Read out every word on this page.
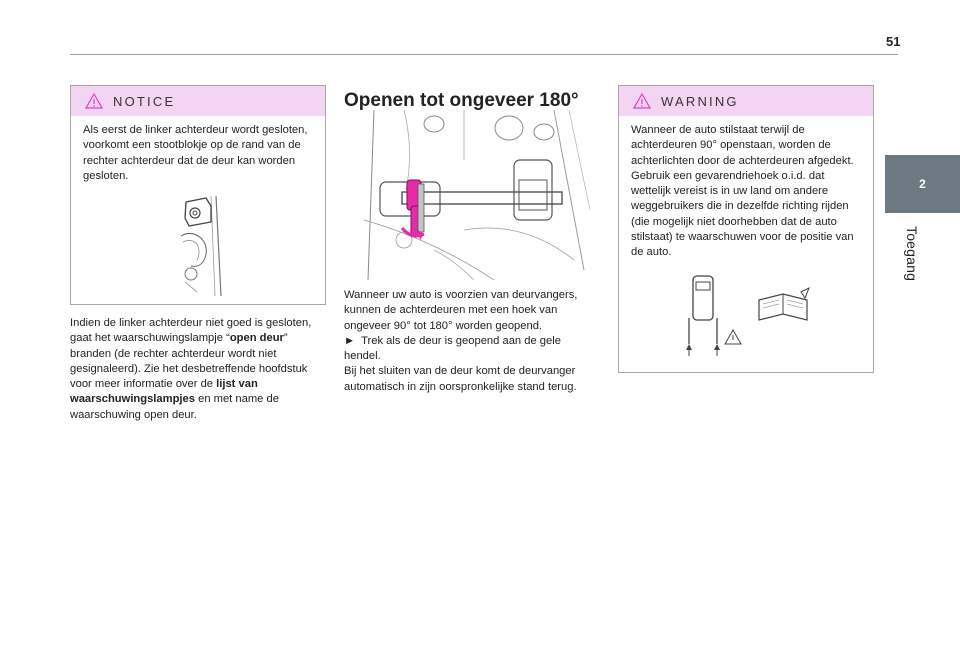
51
2
Toegang
NOTICE
Als eerst de linker achterdeur wordt gesloten, voorkomt een stootblokje op de rand van de rechter achterdeur dat de deur kan worden gesloten.
Indien de linker achterdeur niet goed is gesloten, gaat het waarschuwingslampje “open deur” branden (de rechter achterdeur wordt niet gesignaleerd). Zie het desbetreffende hoofdstuk voor meer informatie over de lijst van waarschuwingslampjes en met name de waarschuwing open deur.
Openen tot ongeveer 180°
Wanneer uw auto is voorzien van deurvangers, kunnen de achterdeuren met een hoek van ongeveer 90° tot 180° worden geopend.
► Trek als de deur is geopend aan de gele hendel.
Bij het sluiten van de deur komt de deurvanger automatisch in zijn oorspronkelijke stand terug.
WARNING
Wanneer de auto stilstaat terwijl de achterdeuren 90° openstaan, worden de achterlichten door de achterdeuren afgedekt. Gebruik een gevarendriehoek o.i.d. dat wettelijk vereist is in uw land om andere weggebruikers die in dezelfde richting rijden (die mogelijk niet doorhebben dat de auto stilstaat) te waarschuwen voor de positie van de auto.
